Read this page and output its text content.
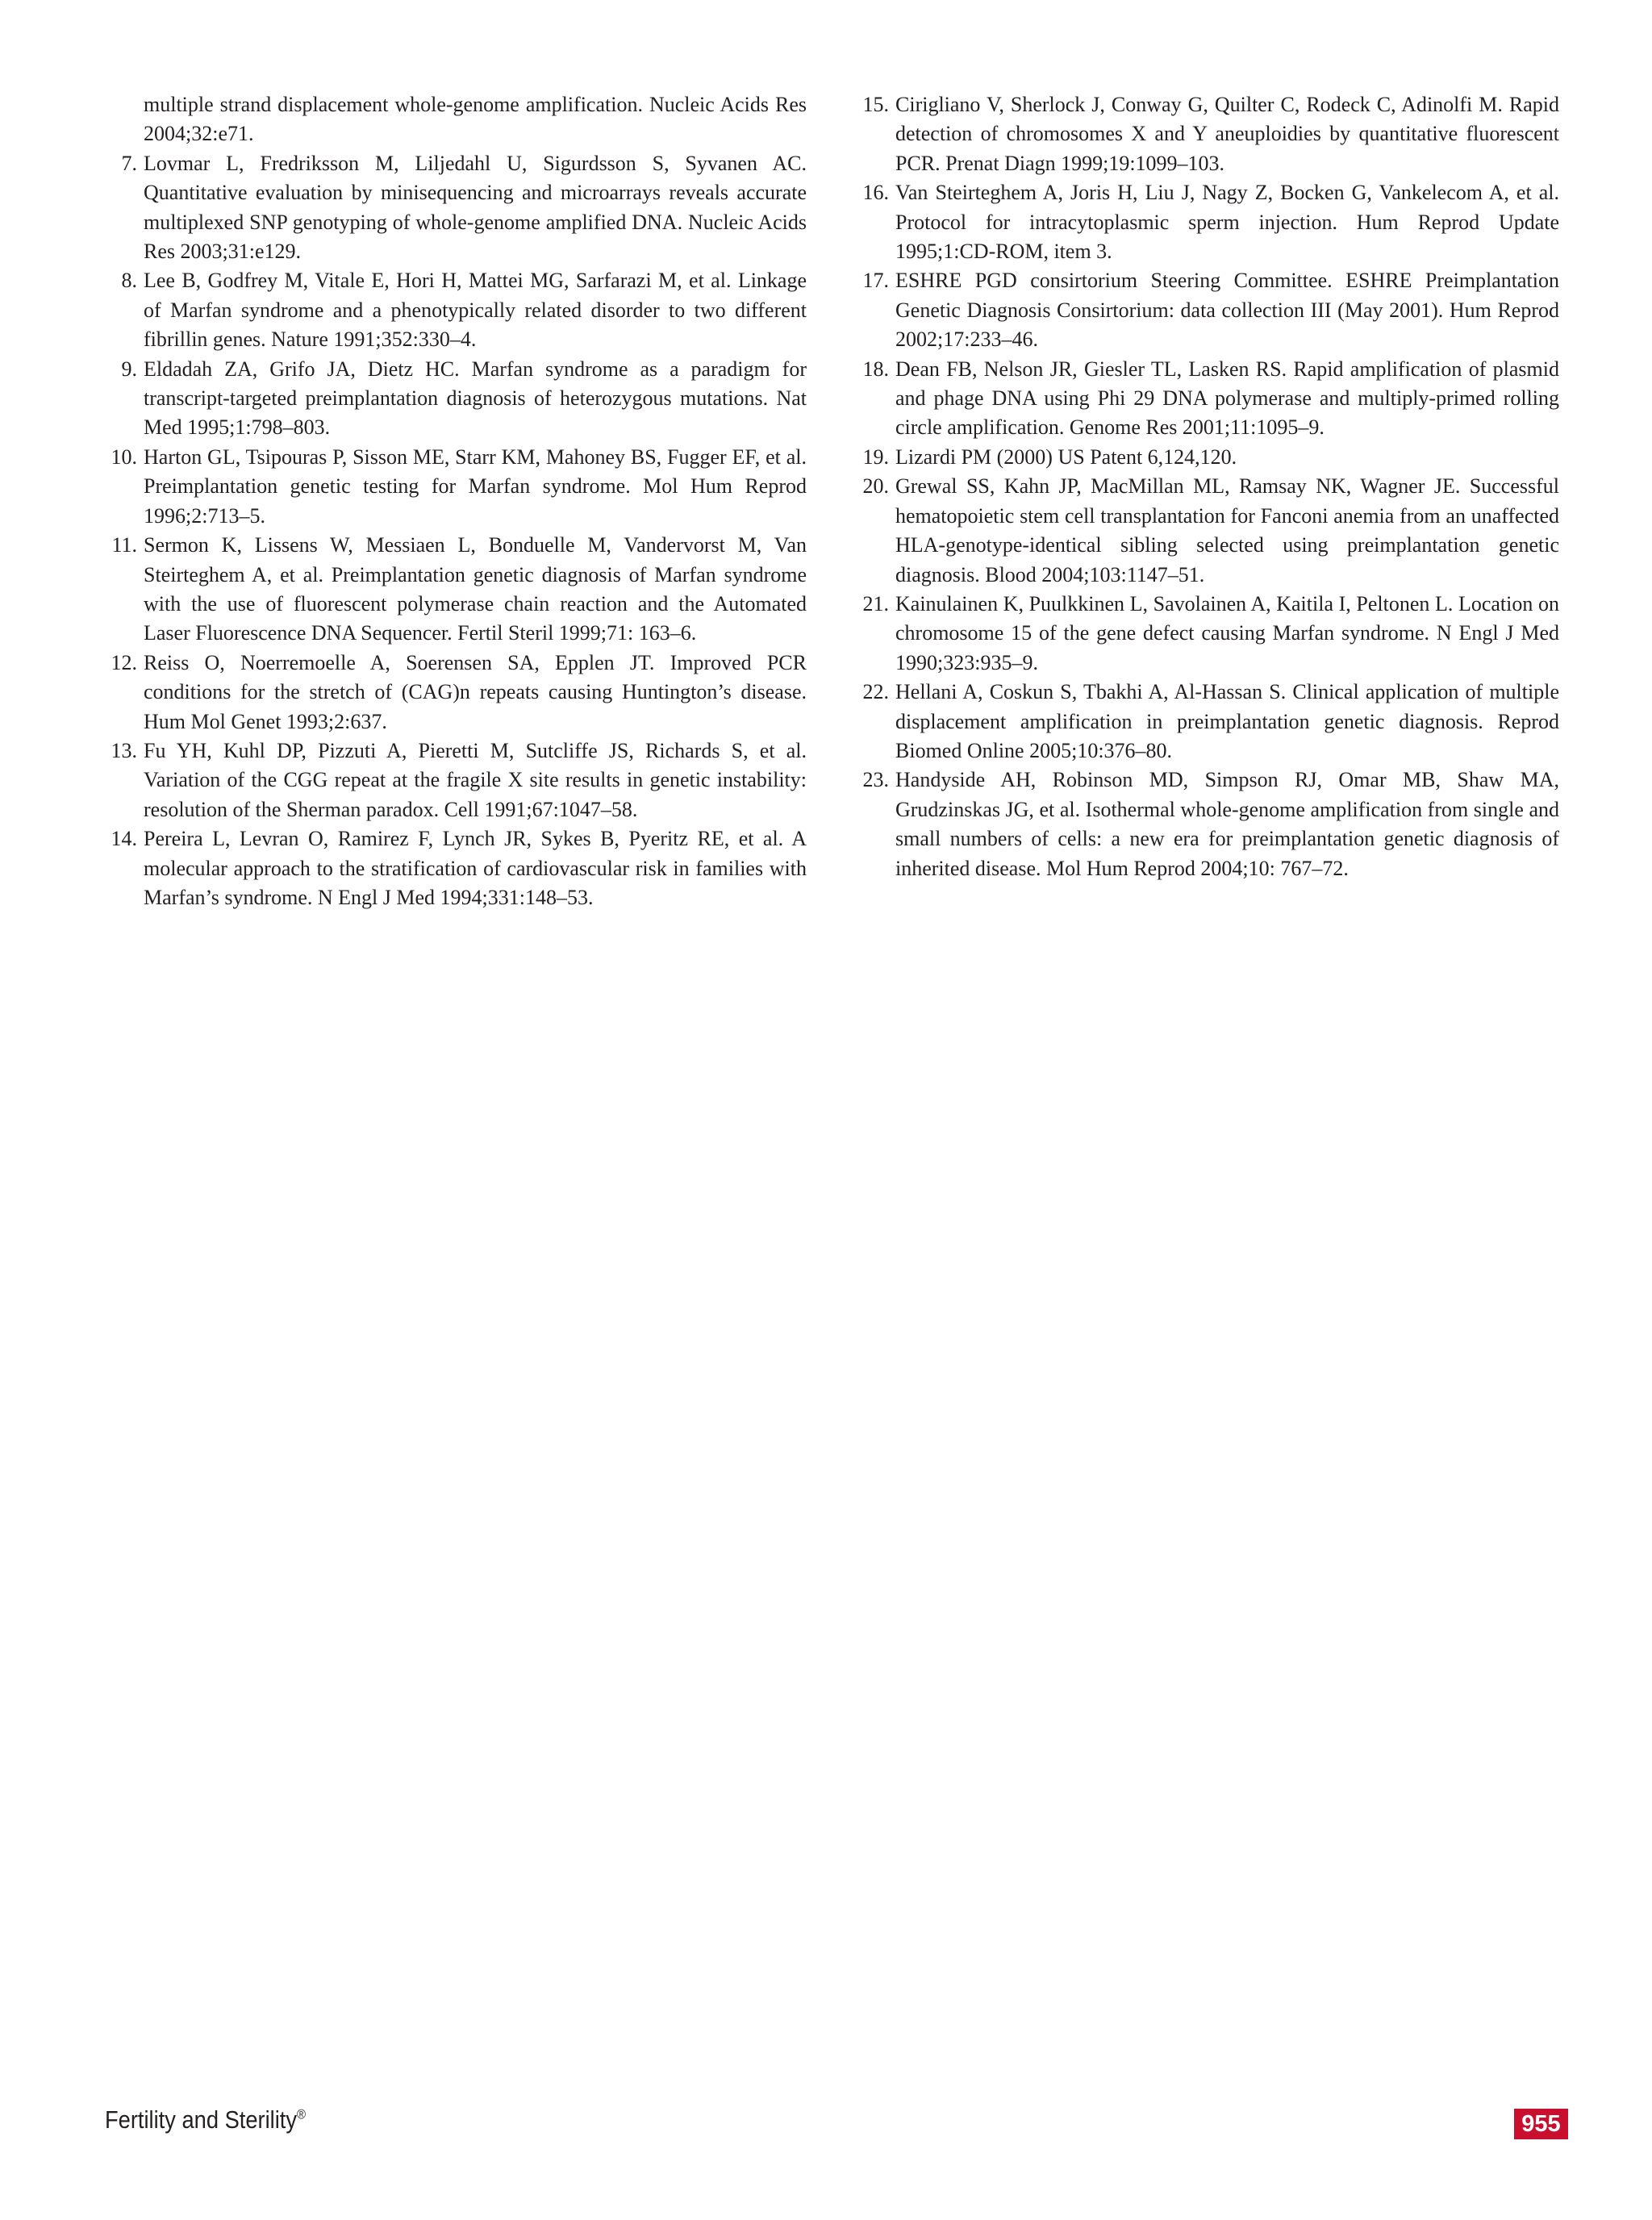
multiple strand displacement whole-genome amplification. Nucleic Acids Res 2004;32:e71.

7. Lovmar L, Fredriksson M, Liljedahl U, Sigurdsson S, Syvanen AC. Quantitative evaluation by minisequencing and microarrays reveals accurate multiplexed SNP genotyping of whole-genome amplified DNA. Nucleic Acids Res 2003;31:e129.

8. Lee B, Godfrey M, Vitale E, Hori H, Mattei MG, Sarfarazi M, et al. Linkage of Marfan syndrome and a phenotypically related disorder to two different fibrillin genes. Nature 1991;352:330–4.

9. Eldadah ZA, Grifo JA, Dietz HC. Marfan syndrome as a paradigm for transcript-targeted preimplantation diagnosis of heterozygous mutations. Nat Med 1995;1:798–803.

10. Harton GL, Tsipouras P, Sisson ME, Starr KM, Mahoney BS, Fugger EF, et al. Preimplantation genetic testing for Marfan syndrome. Mol Hum Reprod 1996;2:713–5.

11. Sermon K, Lissens W, Messiaen L, Bonduelle M, Vandervorst M, Van Steirteghem A, et al. Preimplantation genetic diagnosis of Marfan syndrome with the use of fluorescent polymerase chain reaction and the Automated Laser Fluorescence DNA Sequencer. Fertil Steril 1999;71: 163–6.

12. Reiss O, Noerremoelle A, Soerensen SA, Epplen JT. Improved PCR conditions for the stretch of (CAG)n repeats causing Huntington’s disease. Hum Mol Genet 1993;2:637.

13. Fu YH, Kuhl DP, Pizzuti A, Pieretti M, Sutcliffe JS, Richards S, et al. Variation of the CGG repeat at the fragile X site results in genetic instability: resolution of the Sherman paradox. Cell 1991;67:1047–58.

14. Pereira L, Levran O, Ramirez F, Lynch JR, Sykes B, Pyeritz RE, et al. A molecular approach to the stratification of cardiovascular risk in families with Marfan’s syndrome. N Engl J Med 1994;331:148–53.

15. Cirigliano V, Sherlock J, Conway G, Quilter C, Rodeck C, Adinolfi M. Rapid detection of chromosomes X and Y aneuploidies by quantitative fluorescent PCR. Prenat Diagn 1999;19:1099–103.

16. Van Steirteghem A, Joris H, Liu J, Nagy Z, Bocken G, Vankelecom A, et al. Protocol for intracytoplasmic sperm injection. Hum Reprod Update 1995;1:CD-ROM, item 3.

17. ESHRE PGD consirtorium Steering Committee. ESHRE Preimplantation Genetic Diagnosis Consirtorium: data collection III (May 2001). Hum Reprod 2002;17:233–46.

18. Dean FB, Nelson JR, Giesler TL, Lasken RS. Rapid amplification of plasmid and phage DNA using Phi 29 DNA polymerase and multiply-primed rolling circle amplification. Genome Res 2001;11:1095–9.

19. Lizardi PM (2000) US Patent 6,124,120.

20. Grewal SS, Kahn JP, MacMillan ML, Ramsay NK, Wagner JE. Successful hematopoietic stem cell transplantation for Fanconi anemia from an unaffected HLA-genotype-identical sibling selected using preimplantation genetic diagnosis. Blood 2004;103:1147–51.

21. Kainulainen K, Puulkkinen L, Savolainen A, Kaitila I, Peltonen L. Location on chromosome 15 of the gene defect causing Marfan syndrome. N Engl J Med 1990;323:935–9.

22. Hellani A, Coskun S, Tbakhi A, Al-Hassan S. Clinical application of multiple displacement amplification in preimplantation genetic diagnosis. Reprod Biomed Online 2005;10:376–80.

23. Handyside AH, Robinson MD, Simpson RJ, Omar MB, Shaw MA, Grudzinskas JG, et al. Isothermal whole-genome amplification from single and small numbers of cells: a new era for preimplantation genetic diagnosis of inherited disease. Mol Hum Reprod 2004;10: 767–72.

Fertility and Sterility®	955
